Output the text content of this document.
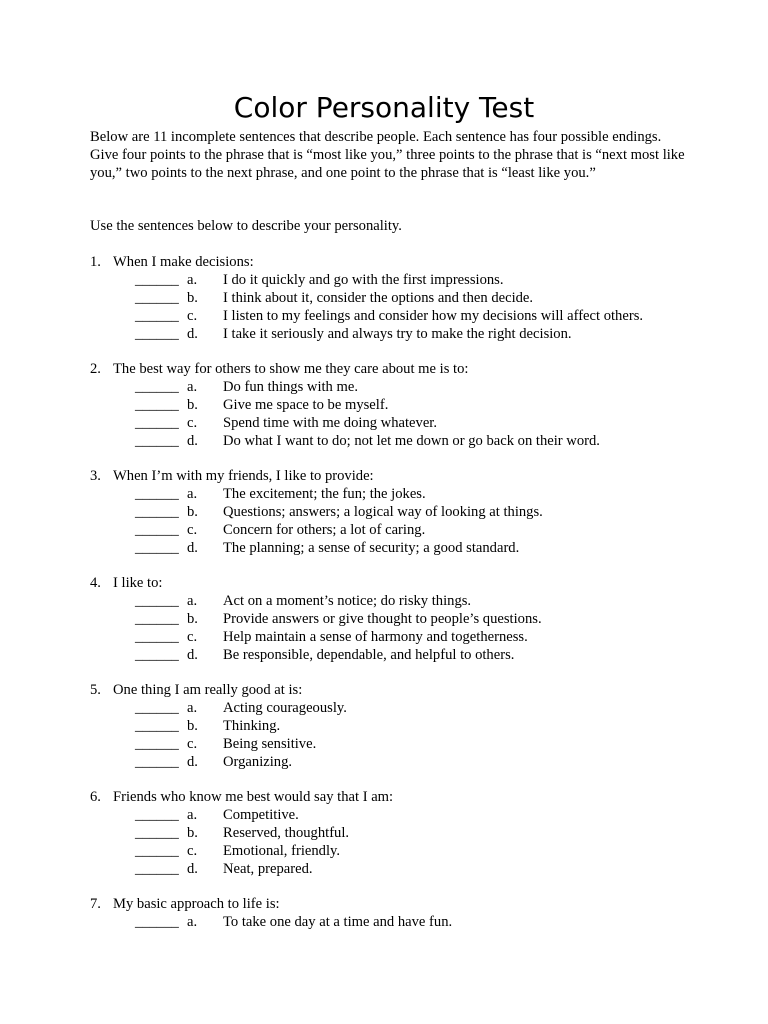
Color Personality Test
Below are 11 incomplete sentences that describe people. Each sentence has four possible endings. Give four points to the phrase that is “most like you,” three points to the phrase that is “next most like you,” two points to the next phrase, and one point to the phrase that is “least like you.”
Use the sentences below to describe your personality.
1. When I make decisions:
______ a. I do it quickly and go with the first impressions.
______ b. I think about it, consider the options and then decide.
______ c. I listen to my feelings and consider how my decisions will affect others.
______ d. I take it seriously and always try to make the right decision.
2. The best way for others to show me they care about me is to:
______ a. Do fun things with me.
______ b. Give me space to be myself.
______ c. Spend time with me doing whatever.
______ d. Do what I want to do; not let me down or go back on their word.
3. When I’m with my friends, I like to provide:
______ a. The excitement; the fun; the jokes.
______ b. Questions; answers; a logical way of looking at things.
______ c. Concern for others; a lot of caring.
______ d. The planning; a sense of security; a good standard.
4. I like to:
______ a. Act on a moment’s notice; do risky things.
______ b. Provide answers or give thought to people’s questions.
______ c. Help maintain a sense of harmony and togetherness.
______ d. Be responsible, dependable, and helpful to others.
5. One thing I am really good at is:
______ a. Acting courageously.
______ b. Thinking.
______ c. Being sensitive.
______ d. Organizing.
6. Friends who know me best would say that I am:
______ a. Competitive.
______ b. Reserved, thoughtful.
______ c. Emotional, friendly.
______ d. Neat, prepared.
7. My basic approach to life is:
______ a. To take one day at a time and have fun.
